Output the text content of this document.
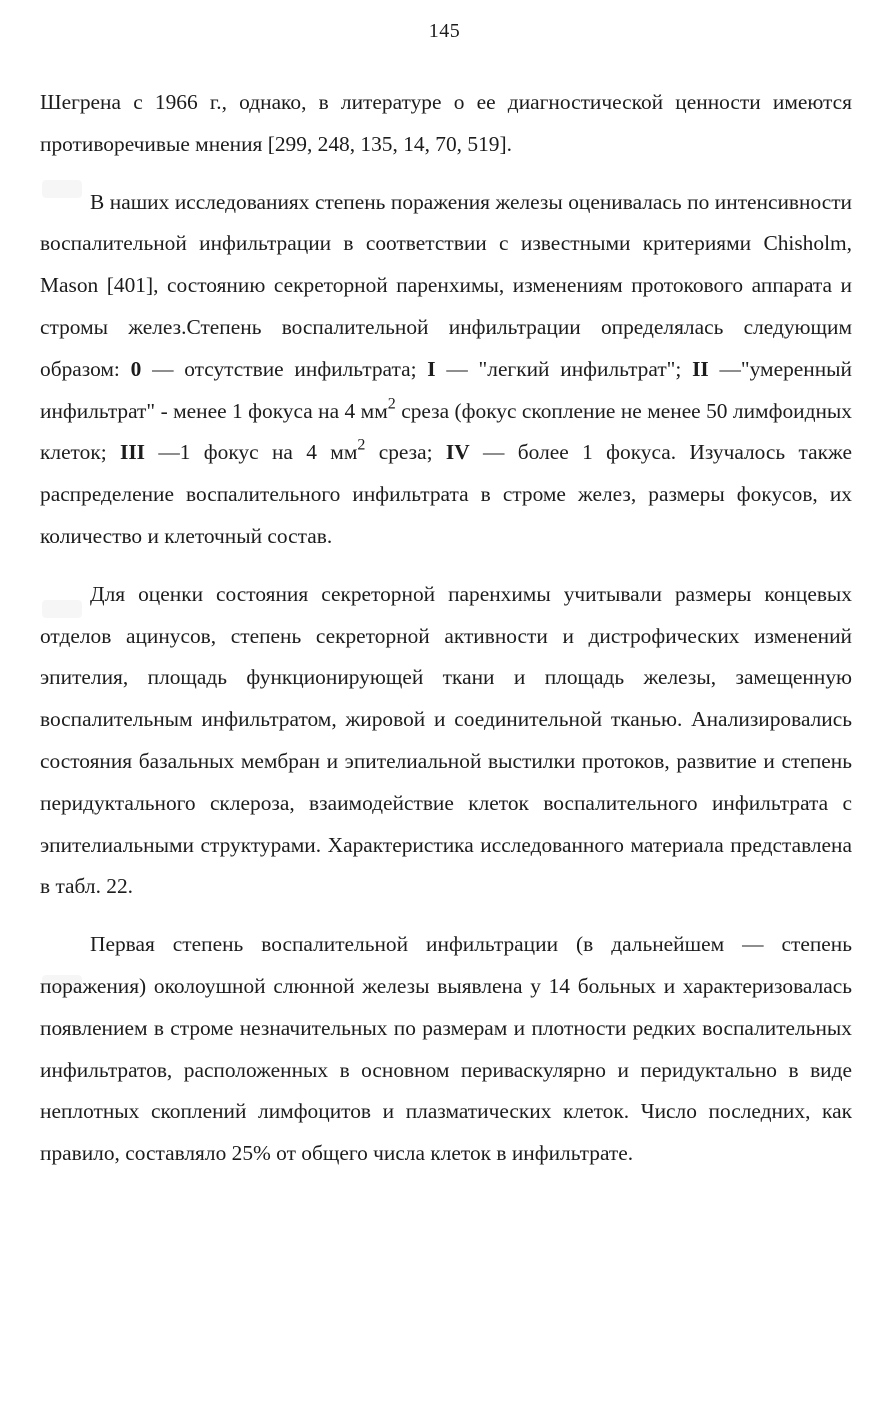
145

Шегрена с 1966 г., однако, в литературе о ее диагностической ценности имеются противоречивые мнения [299, 248, 135, 14, 70, 519].

В наших исследованиях степень поражения железы оценивалась по интенсивности воспалительной инфильтрации в соответствии с известными критериями Chisholm, Mason [401], состоянию секреторной паренхимы, изменениям протокового аппарата и стромы желез.Степень воспалительной инфильтрации определялась следующим образом: 0 — отсутствие инфильтрата; I — "легкий инфильтрат"; II —"умеренный инфильтрат" - менее 1 фокуса на 4 $мм^2$ среза (фокус скопление не менее 50 лимфоидных клеток; III —1 фокус на 4 $мм^2$ среза; IV — более 1 фокуса. Изучалось также распределение воспалительного инфильтрата в строме желез, размеры фокусов, их количество и клеточный состав.

Для оценки состояния секреторной паренхимы учитывали размеры концевых отделов ацинусов, степень секреторной активности и дистрофических изменений эпителия, площадь функционирующей ткани и площадь железы, замещенную воспалительным инфильтратом, жировой и соединительной тканью. Анализировались состояния базальных мембран и эпителиальной выстилки протоков, развитие и степень перидуктального склероза, взаимодействие клеток воспалительного инфильтрата с эпителиальными структурами. Характеристика исследованного материала представлена в табл. 22.

Первая степень воспалительной инфильтрации (в дальнейшем — степень поражения) околоушной слюнной железы выявлена у 14 больных и характеризовалась появлением в строме незначительных по размерам и плотности редких воспалительных инфильтратов, расположенных в основном периваскулярно и перидуктально в виде неплотных скоплений лимфоцитов и плазматических клеток. Число последних, как правило, составляло 25% от общего числа клеток в инфильтрате.
